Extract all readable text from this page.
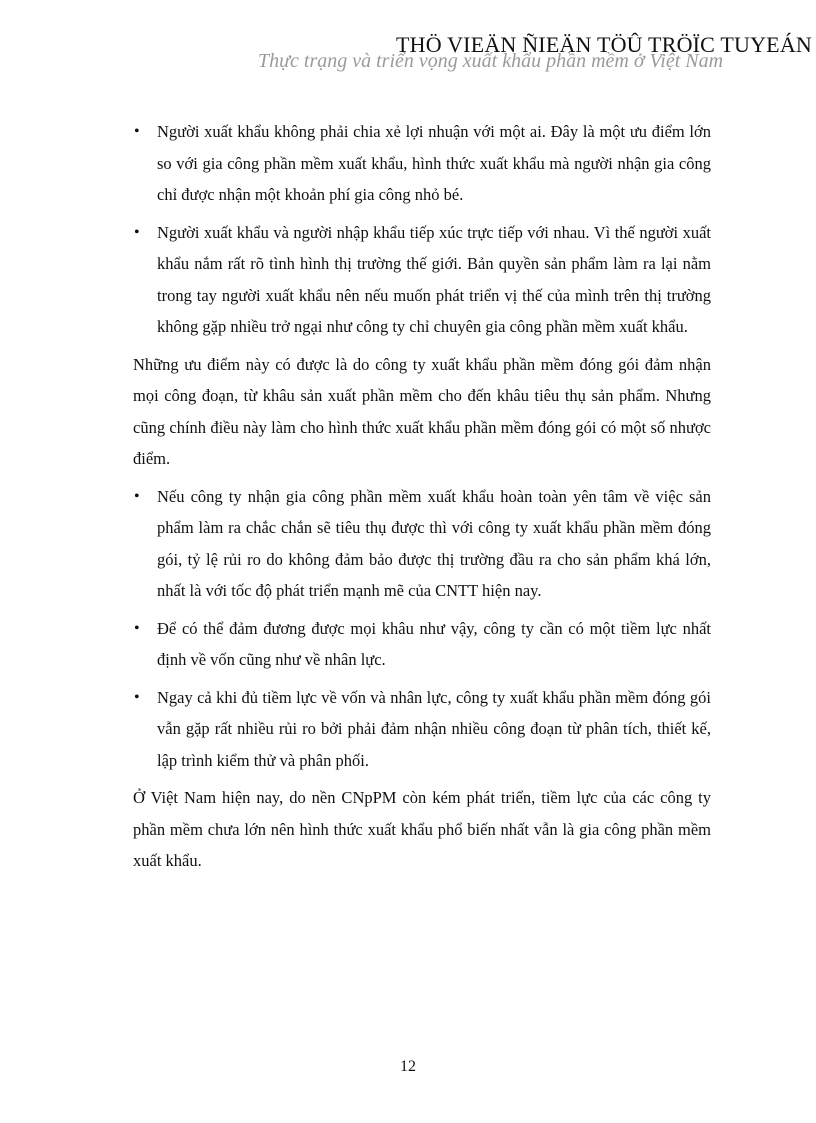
Thực trạng và triển vọng xuất khẩu phần mềm ở Việt Nam
THÖ VIEÄN ÑIEÄN TÖÛ TRÖÏC TUYEÁN
• Người xuất khẩu không phải chia xẻ lợi nhuận với một ai. Đây là một ưu điểm lớn so với gia công phần mềm xuất khẩu, hình thức xuất khẩu mà người nhận gia công chỉ được nhận một khoản phí gia công nhỏ bé.
• Người xuất khẩu và người nhập khẩu tiếp xúc trực tiếp với nhau. Vì thế người xuất khẩu nắm rất rõ tình hình thị trường thế giới. Bản quyền sản phẩm làm ra lại nằm trong tay người xuất khẩu nên nếu muốn phát triển vị thế của mình trên thị trường không gặp nhiều trở ngại như công ty chỉ chuyên gia công phần mềm xuất khẩu.

Những ưu điểm này có được là do công ty xuất khẩu phần mềm đóng gói đảm nhận mọi công đoạn, từ khâu sản xuất phần mềm cho đến khâu tiêu thụ sản phẩm. Nhưng cũng chính điều này làm cho hình thức xuất khẩu phần mềm đóng gói có một số nhược điểm.

• Nếu công ty nhận gia công phần mềm xuất khẩu hoàn toàn yên tâm về việc sản phẩm làm ra chắc chắn sẽ tiêu thụ được thì với công ty xuất khẩu phần mềm đóng gói, tỷ lệ rủi ro do không đảm bảo được thị trường đầu ra cho sản phẩm khá lớn, nhất là với tốc độ phát triển mạnh mẽ của CNTT hiện nay.
• Để có thể đảm đương được mọi khâu như vậy, công ty cần có một tiềm lực nhất định về vốn cũng như về nhân lực.
• Ngay cả khi đủ tiềm lực về vốn và nhân lực, công ty xuất khẩu phần mềm đóng gói vẫn gặp rất nhiều rủi ro bởi phải đảm nhận nhiều công đoạn từ phân tích, thiết kế, lập trình kiểm thử và phân phối.

Ở Việt Nam hiện nay, do nền CNpPM còn kém phát triển, tiềm lực của các công ty phần mềm chưa lớn nên hình thức xuất khẩu phổ biến nhất vẫn là gia công phần mềm xuất khẩu.

12
